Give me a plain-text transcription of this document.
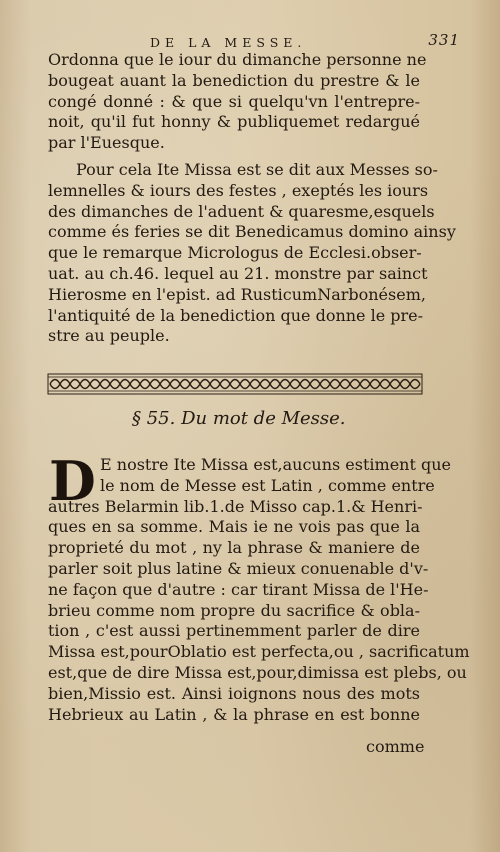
DE LA MESSE.	331
Ordonna que le iour du dimanche personne ne
bougeat auant la benediction du prestre & le
congé donné : & que si quelqu'vn l'entrepre-
noit, qu'il fut honny & publiquemet redargué
par l'Euesque.
Pour cela Ite Missa est se dit aux Messes so-
lemnelles & iours des festes , exeptés les iours
des dimanches de l'aduent & quaresme,esquels
comme és feries se dit Benedicamus domino ainsy
que le remarque Micrologus de Ecclesi.obser-
uat. au ch.46. lequel au 21. monstre par sainct
Hierosme en l'epist. ad RusticumNarbonésem,
l'antiquité de la benediction que donne le pre-
stre au peuple.
§ 55. Du mot de Messe.
D E nostre Ite Missa est,aucuns estiment que
le nom de Messe est Latin , comme entre
autres Belarmin lib.1.de Misso cap.1.& Henri-
ques en sa somme. Mais ie ne vois pas que la
proprieté du mot , ny la phrase & maniere de
parler soit plus latine & mieux conuenable d'v-
ne façon que d'autre : car tirant Missa de l'He-
brieu comme nom propre du sacrifice & obla-
tion , c'est aussi pertinemment parler de dire
Missa est,pourOblatio est perfecta,ou , sacrificatum
est,que de dire Missa est,pour,dimissa est plebs, ou
bien,Missio est. Ainsi ioignons nous des mots
Hebrieux au Latin , & la phrase en est bonne
comme
